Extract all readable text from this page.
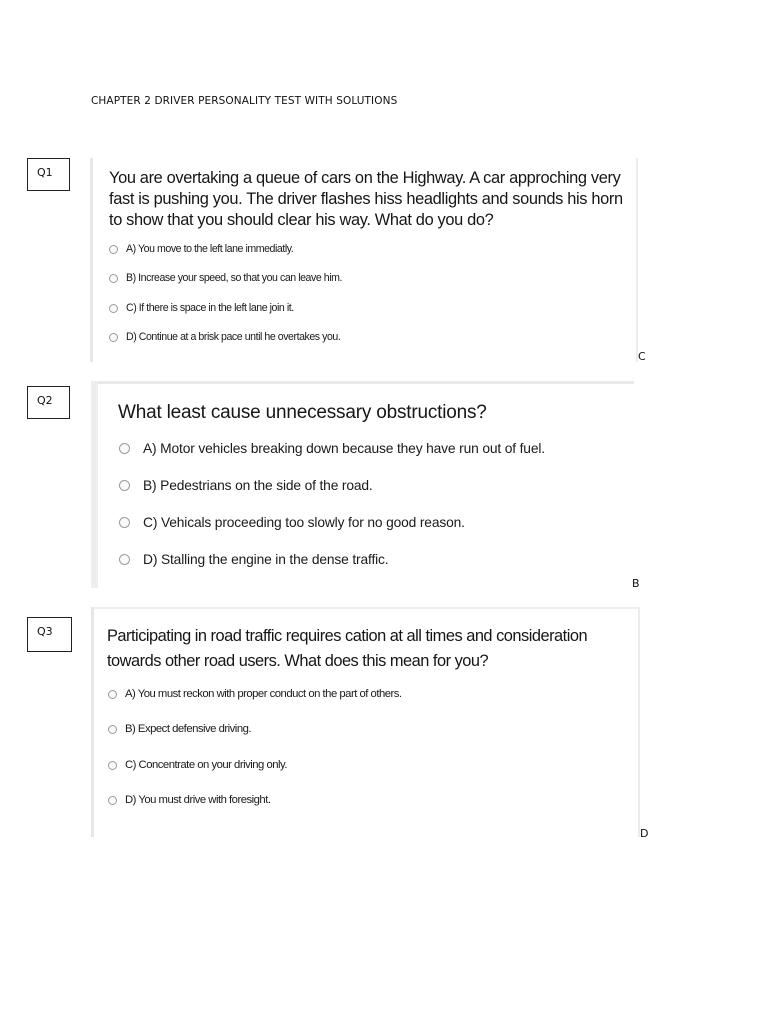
CHAPTER 2 DRIVER PERSONALITY TEST WITH SOLUTIONS
Q1	You are overtaking a queue of cars on the Highway. A car approching very fast is pushing you. The driver flashes hiss headlights and sounds his horn to show that you should clear his way. What do you do?
A) You move to the left lane immediatly.
B) Increase your speed, so that you can leave him.
C) If there is space in the left lane join it.
D) Continue at a brisk pace until he overtakes you.
C
Q2
What least cause unnecessary obstructions?
A) Motor vehicles breaking down because they have run out of fuel.
B) Pedestrians on the side of the road.
C) Vehicals proceeding too slowly for no good reason.
D) Stalling the engine in the dense traffic.
B
Q3	Participating in road traffic requires cation at all times and consideration towards other road users. What does this mean for you?
A) You must reckon with proper conduct on the part of others.
B) Expect defensive driving.
C) Concentrate on your driving only.
D) You must drive with foresight.
D
